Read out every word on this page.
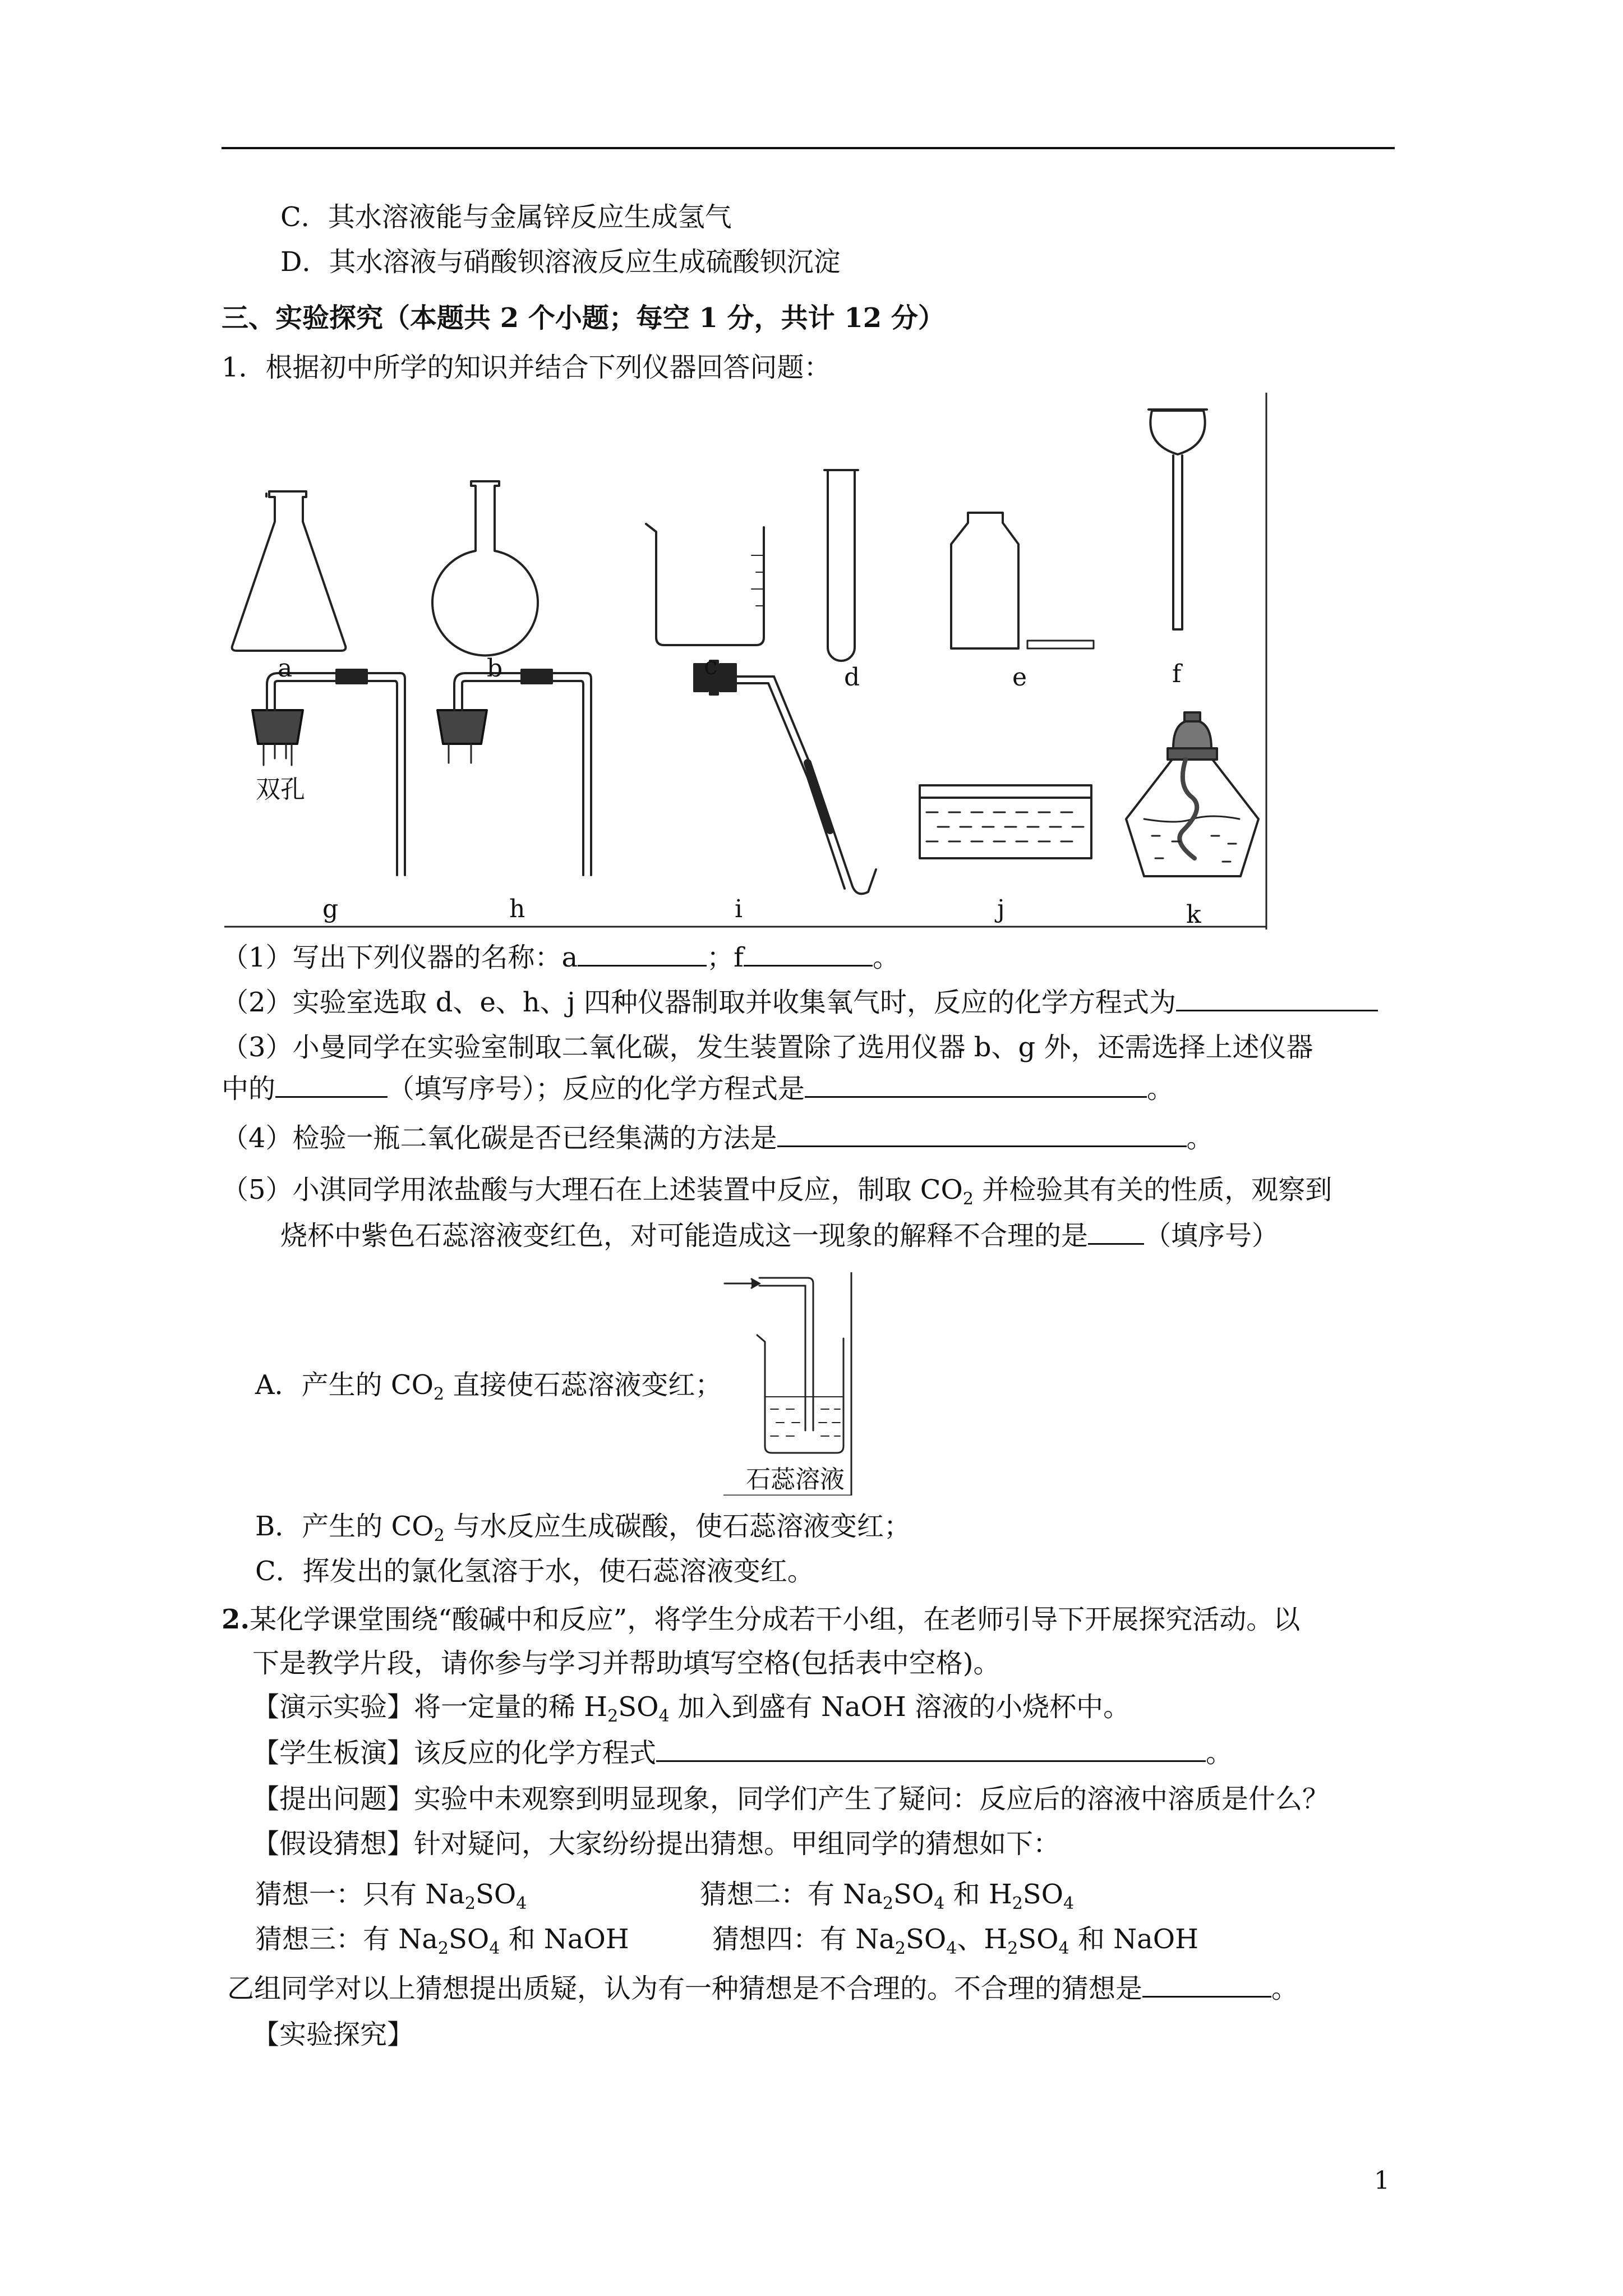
C．其水溶液能与金属锌反应生成氢气
D．其水溶液与硝酸钡溶液反应生成硫酸钡沉淀
三、实验探究（本题共 2 个小题；每空 1 分，共计 12 分）
1．根据初中所学的知识并结合下列仪器回答问题：
a	b	c	d	e	f
双孔
g	h	i	j	k
（1）写出下列仪器的名称：a	；f	。
（2）实验室选取 d、e、h、j 四种仪器制取并收集氧气时，反应的化学方程式为
（3）小曼同学在实验室制取二氧化碳，发生装置除了选用仪器 b、g 外，还需选择上述仪器
中的	（填写序号）；反应的化学方程式是	。
（4）检验一瓶二氧化碳是否已经集满的方法是	。
（5）小淇同学用浓盐酸与大理石在上述装置中反应，制取 $CO_2$ 并检验其有关的性质，观察到
烧杯中紫色石蕊溶液变红色，对可能造成这一现象的解释不合理的是 （填序号）
石蕊溶液
A．产生的 $CO_2$ 直接使石蕊溶液变红；
B．产生的 $CO_2$ 与水反应生成碳酸，使石蕊溶液变红；
C．挥发出的氯化氢溶于水，使石蕊溶液变红。
2.某化学课堂围绕“酸碱中和反应”，将学生分成若干小组，在老师引导下开展探究活动。以
下是教学片段，请你参与学习并帮助填写空格(包括表中空格)。
【演示实验】将一定量的稀 $H_2SO_4$ 加入到盛有 NaOH 溶液的小烧杯中。
【学生板演】该反应的化学方程式	。
【提出问题】实验中未观察到明显现象，同学们产生了疑问：反应后的溶液中溶质是什么？
【假设猜想】针对疑问，大家纷纷提出猜想。甲组同学的猜想如下：
猜想一：只有 $Na_2SO_4$	猜想二：有 $Na_2SO_4$ 和 $H_2SO_4$
猜想三：有 $Na_2SO_4$ 和 NaOH	猜想四：有 $Na_2SO_4$、$H_2SO_4$ 和 NaOH
乙组同学对以上猜想提出质疑，认为有一种猜想是不合理的。不合理的猜想是	。
【实验探究】
1
